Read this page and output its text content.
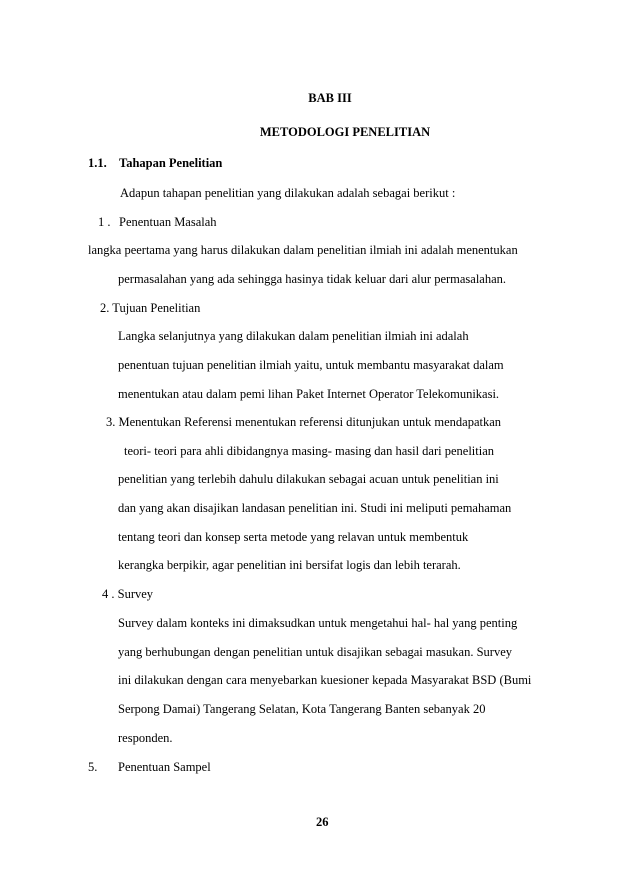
BAB III
METODOLOGI PENELITIAN
1.1. Tahapan Penelitian
Adapun tahapan penelitian yang dilakukan adalah sebagai berikut :
1 . Penentuan Masalah
langka peertama yang harus dilakukan dalam penelitian ilmiah ini adalah menentukan
permasalahan yang ada sehingga hasinya tidak keluar dari alur permasalahan.
2. Tujuan Penelitian
Langka selanjutnya yang dilakukan dalam penelitian ilmiah ini adalah
penentuan tujuan penelitian ilmiah yaitu, untuk membantu masyarakat dalam
menentukan atau dalam pemi lihan Paket Internet Operator Telekomunikasi.
3. Menentukan Referensi menentukan referensi ditunjukan untuk mendapatkan
teori- teori para ahli dibidangnya masing- masing dan hasil dari penelitian
penelitian yang terlebih dahulu dilakukan sebagai acuan untuk penelitian ini
dan yang akan disajikan landasan penelitian ini. Studi ini meliputi pemahaman
tentang teori dan konsep serta metode yang relavan untuk membentuk
kerangka berpikir, agar penelitian ini bersifat logis dan lebih terarah.
4 . Survey
Survey dalam konteks ini dimaksudkan untuk mengetahui hal- hal yang penting
yang berhubungan dengan penelitian untuk disajikan sebagai masukan. Survey
ini dilakukan dengan cara menyebarkan kuesioner kepada Masyarakat BSD (Bumi
Serpong Damai) Tangerang Selatan, Kota Tangerang Banten sebanyak 20
responden.
5. Penentuan Sampel
26
